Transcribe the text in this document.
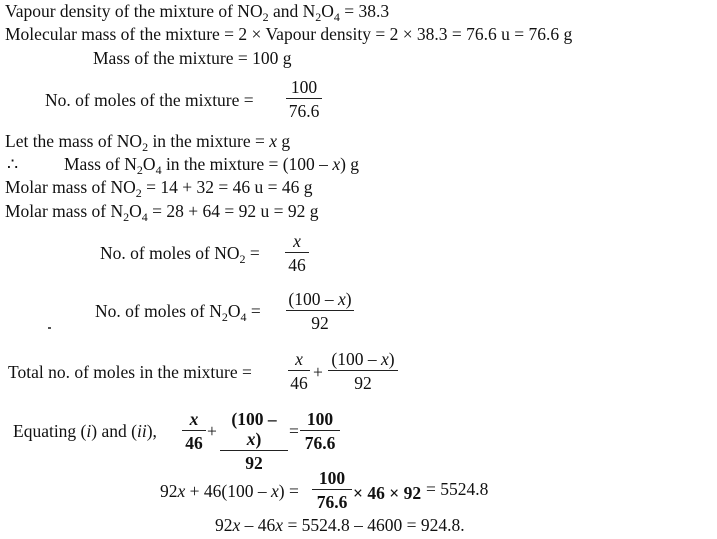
Vapour density of the mixture of $NO_2$ and $N_2O_4 = 38.3$
Molecular mass of the mixture = 2 × Vapour density = 2 × 38.3 = 76.6 u = 76.6 g
Mass of the mixture = 100 g
No. of moles of the mixture =
100
76.6
Let the mass of $NO_2$ in the mixture = x g
∴	Mass of $N_2O_4$ in the mixture = (100 – x) g
Molar mass of $NO_2 = 14 + 32 = 46$ u = 46 g
Molar mass of $N_2O_4 = 28 + 64 = 92$ u = 92 g
No. of moles of $NO_2$ =
x
46
No. of moles of $N_2O_4$ =
(100 – x)
92
Total no. of moles in the mixture =
x
46
+
(100 – x)
92
Equating (i) and (ii),
x
46
+
(100 – x)
92
=
100
76.6
92x + 46(100 – x) =
100
76.6 × 46 × 92 = 5524.8
92x – 46x = 5524.8 – 4600 = 924.8.
